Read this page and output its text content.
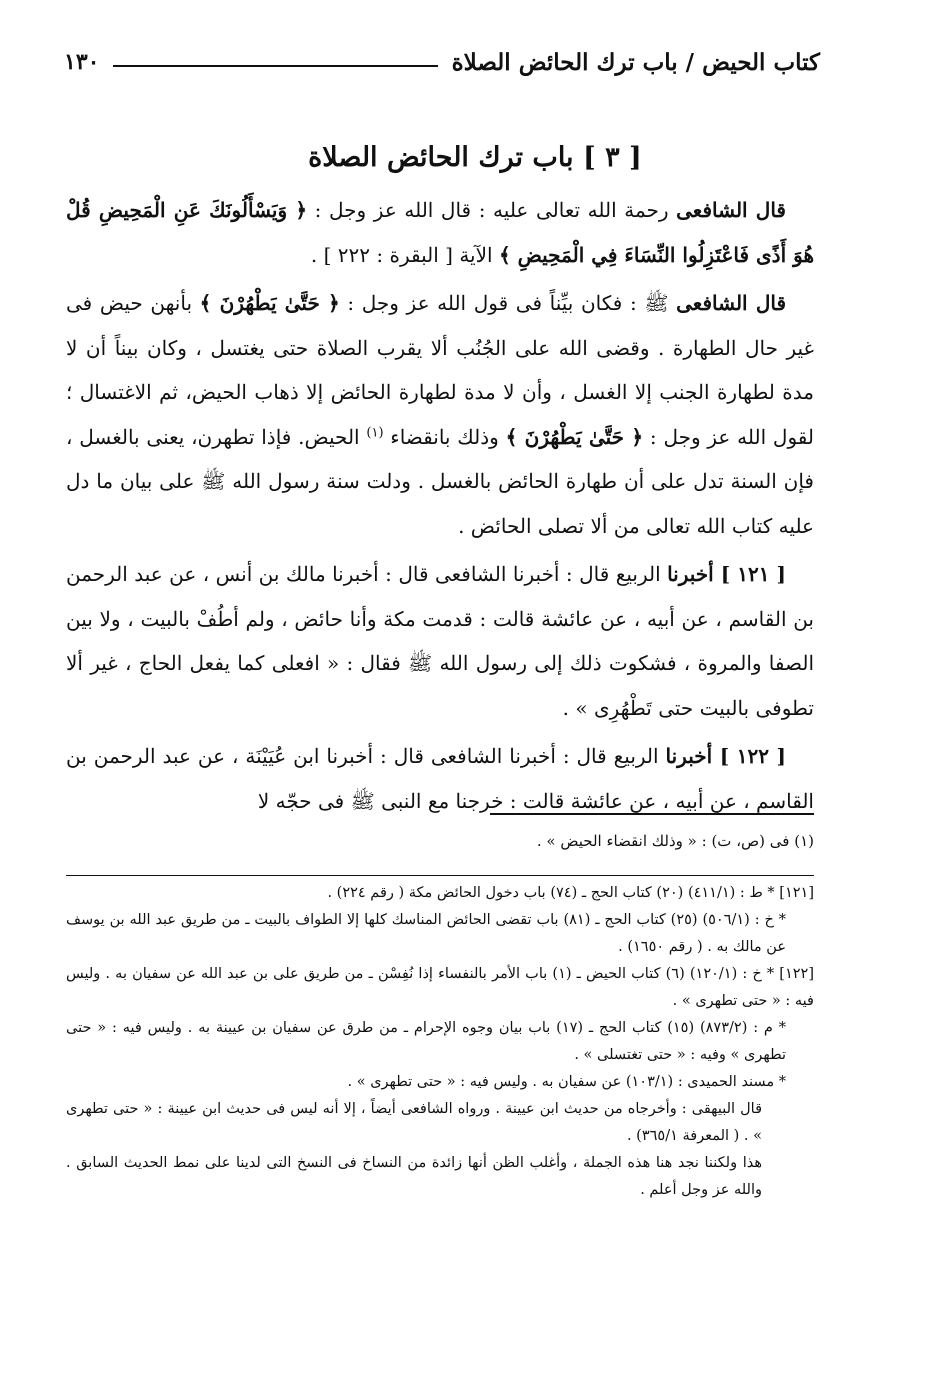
كتاب الحيض / باب ترك الحائض الصلاة
١٣٠
[ ٣ ] باب ترك الحائض الصلاة

قال الشافعى رحمة الله تعالى عليه : قال الله عز وجل : ﴿ وَيَسْأَلُونَكَ عَنِ الْمَحِيضِ قُلْ هُوَ أَذًى فَاعْتَزِلُوا النِّسَاءَ فِي الْمَحِيضِ ﴾ الآية [ البقرة : ٢٢٢ ] .

قال الشافعى ﷺ : فكان بيِّناً فى قول الله عز وجل : ﴿ حَتَّىٰ يَطْهُرْنَ ﴾ بأنهن حيض فى غير حال الطهارة . وقضى الله على الجُنُب ألا يقرب الصلاة حتى يغتسل ، وكان بيناً أن لا مدة لطهارة الجنب إلا الغسل ، وأن لا مدة لطهارة الحائض إلا ذهاب الحيض، ثم الاغتسال ؛ لقول الله عز وجل : ﴿ حَتَّىٰ يَطْهُرْنَ ﴾ وذلك بانقضاء $^{(١)}$ الحيض. فإذا تطهرن، يعنى بالغسل ، فإن السنة تدل على أن طهارة الحائض بالغسل . ودلت سنة رسول الله ﷺ على بيان ما دل عليه كتاب الله تعالى من ألا تصلى الحائض .

[ ١٢١ ] أخبرنا الربيع قال : أخبرنا الشافعى قال : أخبرنا مالك بن أنس ، عن عبد الرحمن بن القاسم ، عن أبيه ، عن عائشة قالت : قدمت مكة وأنا حائض ، ولم أطُفْ بالبيت ، ولا بين الصفا والمروة ، فشكوت ذلك إلى رسول الله ﷺ فقال : « افعلى كما يفعل الحاج ، غير ألا تطوفى بالبيت حتى تَطْهُرِى » .

[ ١٢٢ ] أخبرنا الربيع قال : أخبرنا الشافعى قال : أخبرنا ابن عُيَيْنَة ، عن عبد الرحمن بن القاسم ، عن أبيه ، عن عائشة قالت : خرجنا مع النبى ﷺ فى حجّه لا

(١) فى (ص، ت) : « وذلك انقضاء الحيض » .

[١٢١] * ط : (٤١١/١) (٢٠) كتاب الحج ـ (٧٤) باب دخول الحائض مكة ( رقم ٢٢٤) .

* خ : (٥٠٦/١) (٢٥) كتاب الحج ـ (٨١) باب تقضى الحائض المناسك كلها إلا الطواف بالبيت ـ من طريق عبد الله بن يوسف عن مالك به . ( رقم ١٦٥٠) .

[١٢٢] * خ : (١٢٠/١) (٦) كتاب الحيض ـ (١) باب الأمر بالنفساء إذا نُفِسْن ـ من طريق على بن عبد الله عن سفيان به . وليس فيه : « حتى تطهرى » .

* م : (٨٧٣/٢) (١٥) كتاب الحج ـ (١٧) باب بيان وجوه الإحرام ـ من طرق عن سفيان بن عيينة به . وليس فيه : « حتى تطهرى » وفيه : « حتى تغتسلى » .

* مسند الحميدى : (١٠٣/١) عن سفيان به . وليس فيه : « حتى تطهرى » .

قال البيهقى : وأخرجاه من حديث ابن عيينة . ورواه الشافعى أيضاً ، إلا أنه ليس فى حديث ابن عيينة : « حتى تطهرى » . ( المعرفة ٣٦٥/١) .

هذا ولكننا نجد هنا هذه الجملة ، وأغلب الظن أنها زائدة من النساخ فى النسخ التى لدينا على نمط الحديث السابق . والله عز وجل أعلم .
